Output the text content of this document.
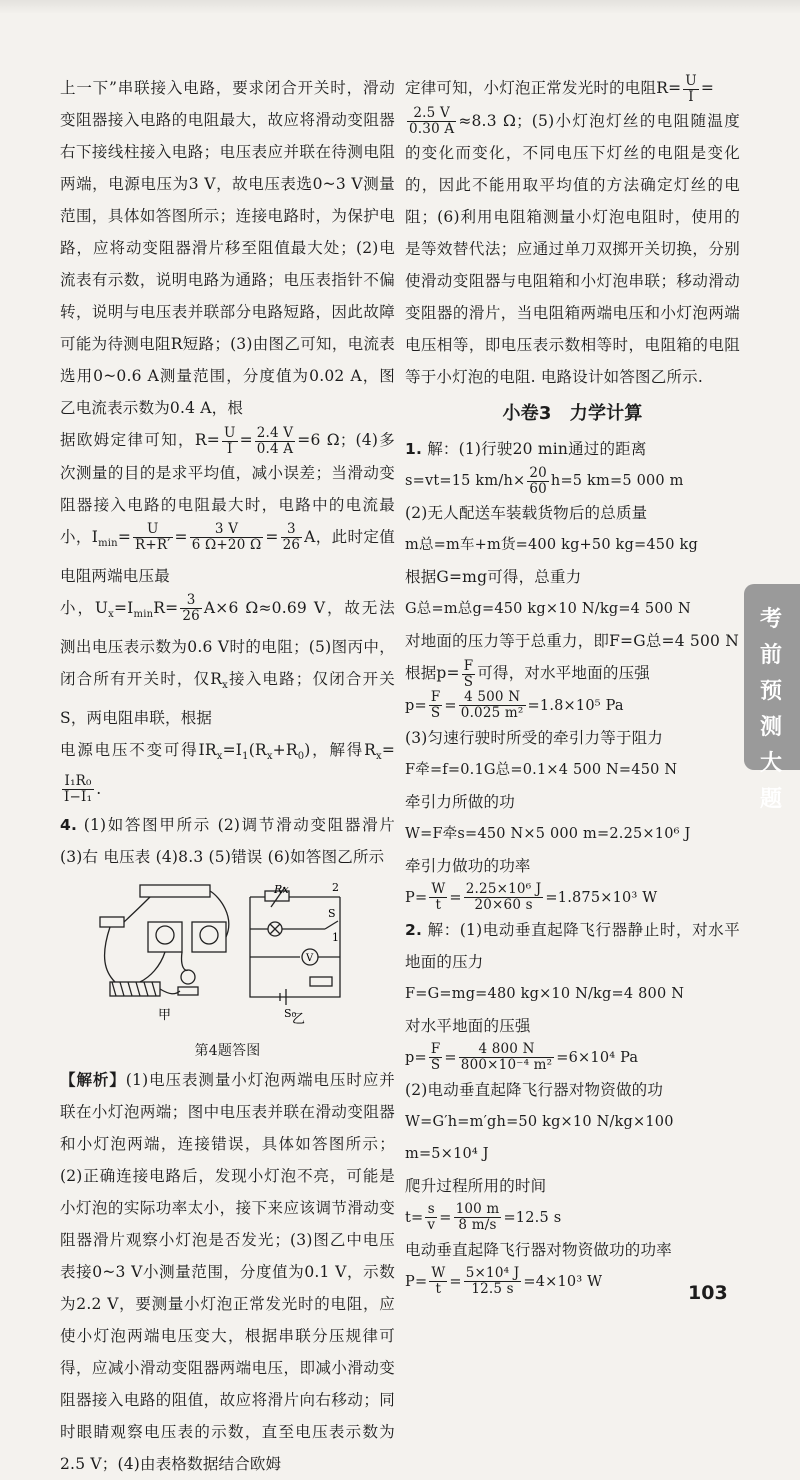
上一下”串联接入电路，要求闭合开关时，滑动变阻器接入电路的电阻最大，故应将滑动变阻器右下接线柱接入电路；电压表应并联在待测电阻两端，电源电压为3 V，故电压表选0~3 V测量范围，具体如答图所示；连接电路时，为保护电路，应将动变阻器滑片移至阻值最大处；(2)电流表有示数，说明电路为通路；电压表指针不偏转，说明与电压表并联部分电路短路，因此故障可能为待测电阻R短路；(3)由图乙可知，电流表选用0~0.6 A测量范围，分度值为0.02 A，图乙电流表示数为0.4 A，根

据欧姆定律可知，$R= \frac{U}{I} = \frac{2.4 V}{0.4 A} =6$ Ω；(4)多次测量的目的是求平均值，减小误差；当滑动变阻器接入电路的电阻最大时，电路中的电流最小，$I_{min}= \frac{U}{R+R'} = \frac{3 V}{6 \Omega+20 \Omega} = \frac{3}{26}$ A，此时定值电阻两端电压最

小，$U_x=I_{min}R= \frac{3}{26} A\times 6$ Ω≈0.69 V，故无法测出电压表示数为0.6 V时的电阻；(5)图丙中，闭合所有开关时，仅$R_x$接入电路；仅闭合开关S，两电阻串联，根据

电源电压不变可得$IR_x=I_1(R_x+R_0)$，解得$R_x=$
$\frac{\text{I₁R₀}}{\text{I−I₁}}$ .

4. (1)如答图甲所示 (2)调节滑动变阻器滑片 (3)右 电压表 (4)8.3 (5)错误 (6)如答图乙所示

甲
Rx	2
S
1
V
S₀
乙
第4题答图

【解析】(1)电压表测量小灯泡两端电压时应并联在小灯泡两端；图中电压表并联在滑动变阻器和小灯泡两端，连接错误，具体如答图所示；(2)正确连接电路后，发现小灯泡不亮，可能是小灯泡的实际功率太小，接下来应该调节滑动变阻器滑片观察小灯泡是否发光；(3)图乙中电压表接0~3 V小测量范围，分度值为0.1 V，示数为2.2 V，要测量小灯泡正常发光时的电阻，应使小灯泡两端电压变大，根据串联分压规律可得，应减小滑动变阻器两端电压，即减小滑动变阻器接入电路的阻值，故应将滑片向右移动；同时眼睛观察电压表的示数，直至电压表示数为2.5 V；(4)由表格数据结合欧姆

定律可知，小灯泡正常发光时的电阻$R= \frac{U}{I}$ =

$\frac{2.5 V}{0.30 A} \approx 8.3$ Ω；(5)小灯泡灯丝的电阻随温度的变化而变化，不同电压下灯丝的电阻是变化的，因此不能用取平均值的方法确定灯丝的电阻；(6)利用电阻箱测量小灯泡电阻时，使用的是等效替代法；应通过单刀双掷开关切换，分别使滑动变阻器与电阻箱和小灯泡串联；移动滑动变阻器的滑片，当电阻箱两端电压和小灯泡两端电压相等，即电压表示数相等时，电阻箱的电阻等于小灯泡的电阻. 电路设计如答图乙所示.

小卷3　力学计算
1. 解：(1)行驶20 min通过的距离
s=vt=15 $km/h\times \frac{20}{60} h=5$ km=5 000 m
(2)无人配送车装载货物后的总质量
m总=m车+m货=400 kg+50 kg=450 kg
根据G=mg可得，总重力
G总=m总g=450 kg×10 N/kg=4 500 N
对地面的压力等于总重力，即F=G总=4 500 N
根据$p= \frac{F}{S}$ 可得，对水平地面的压强
$p= \frac{F}{S} = \frac{4 500 N}{\text{0.025 m²}} =1.8\times 10^5$ Pa
(3)匀速行驶时所受的牵引力等于阻力
F牵=f=0.1G总=0.1×4 500 N=450 N
牵引力所做的功
W=F牵s=450 N×5 000 m=2.25×10⁶ J
牵引力做功的功率
$P= \frac{W}{t} = \frac{\text{2.25×10⁶ J}}{20\times 60 s} =1.875\times 10^3$ W
2. 解：(1)电动垂直起降飞行器静止时，对水平地面的压力
F=G=mg=480 kg×10 N/kg=4 800 N
对水平地面的压强
$p= \frac{F}{S} = \frac{4 800 N}{\text{800×10⁻⁴ m²}} =6\times 10^4$ Pa
(2)电动垂直起降飞行器对物资做的功
W=G′h=m′gh=50 kg×10 N/kg×100 m=5×10⁴ J
爬升过程所用的时间
$t= \frac{s}{v} = \frac{100 m}{8 m/s} =12.5$ s
电动垂直起降飞行器对物资做功的功率
$P= \frac{W}{t} = \frac{\text{5×10⁴ J}}{12.5 s} =4\times 10^3$ W
考
前
预
测
大
题
103
